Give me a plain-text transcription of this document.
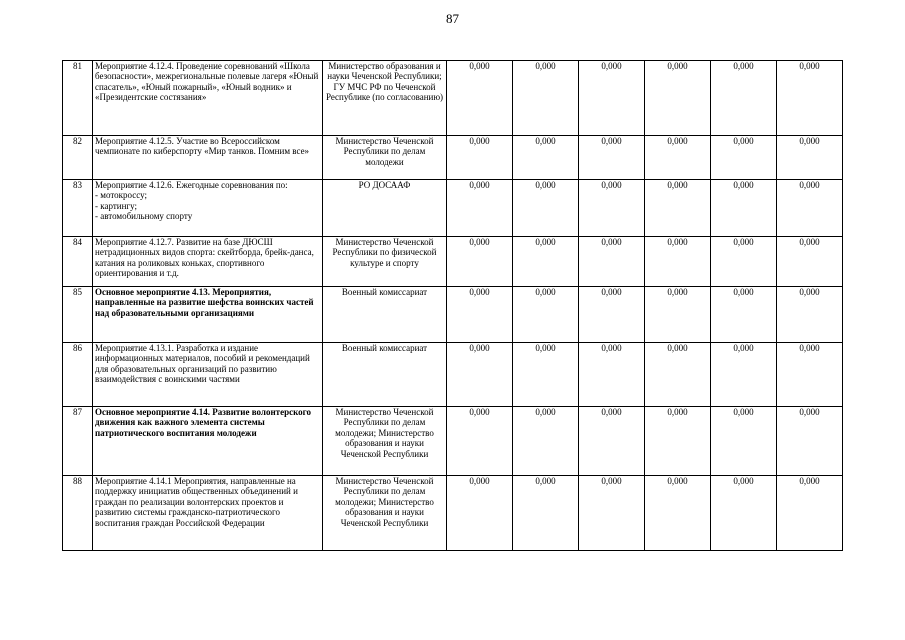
87
81	Мероприятие 4.12.4. Проведение соревнований «Школа безопасности», межрегиональные полевые лагеря «Юный спасатель», «Юный пожарный», «Юный водник» и «Президентские состязания»	Министерство образования и науки Чеченской Республики; ГУ МЧС РФ по Чеченской Республике (по согласованию)	0,000	0,000	0,000	0,000	0,000	0,000
82	Мероприятие 4.12.5. Участие во Всероссийском чемпионате по киберспорту «Мир танков. Помним все»	Министерство Чеченской Республики по делам молодежи	0,000	0,000	0,000	0,000	0,000	0,000
83	Мероприятие 4.12.6. Ежегодные соревнования по:
- мотокроссу;
- картингу;
- автомобильному спорту	РО ДОСААФ	0,000	0,000	0,000	0,000	0,000	0,000
84	Мероприятие 4.12.7. Развитие на базе ДЮСШ нетрадиционных видов спорта: скейтборда, брейк-данса, катания на роликовых коньках, спортивного ориентирования и т.д.	Министерство Чеченской Республики по физической культуре и спорту	0,000	0,000	0,000	0,000	0,000	0,000
85	Основное мероприятие 4.13. Мероприятия, направленные на развитие шефства воинских частей над образовательными организациями	Военный комиссариат	0,000	0,000	0,000	0,000	0,000	0,000
86	Мероприятие 4.13.1. Разработка и издание информационных материалов, пособий и рекомендаций для образовательных организаций по развитию взаимодействия с воинскими частями	Военный комиссариат	0,000	0,000	0,000	0,000	0,000	0,000
87	Основное мероприятие 4.14. Развитие волонтерского движения как важного элемента системы патриотического воспитания молодежи	Министерство Чеченской Республики по делам молодежи; Министерство образования и науки Чеченской Республики	0,000	0,000	0,000	0,000	0,000	0,000
88	Мероприятие 4.14.1 Мероприятия, направленные на поддержку инициатив общественных объединений и граждан по реализации волонтерских проектов и развитию системы гражданско-патриотического воспитания граждан Российской Федерации	Министерство Чеченской Республики по делам молодежи; Министерство образования и науки Чеченской Республики	0,000	0,000	0,000	0,000	0,000	0,000
